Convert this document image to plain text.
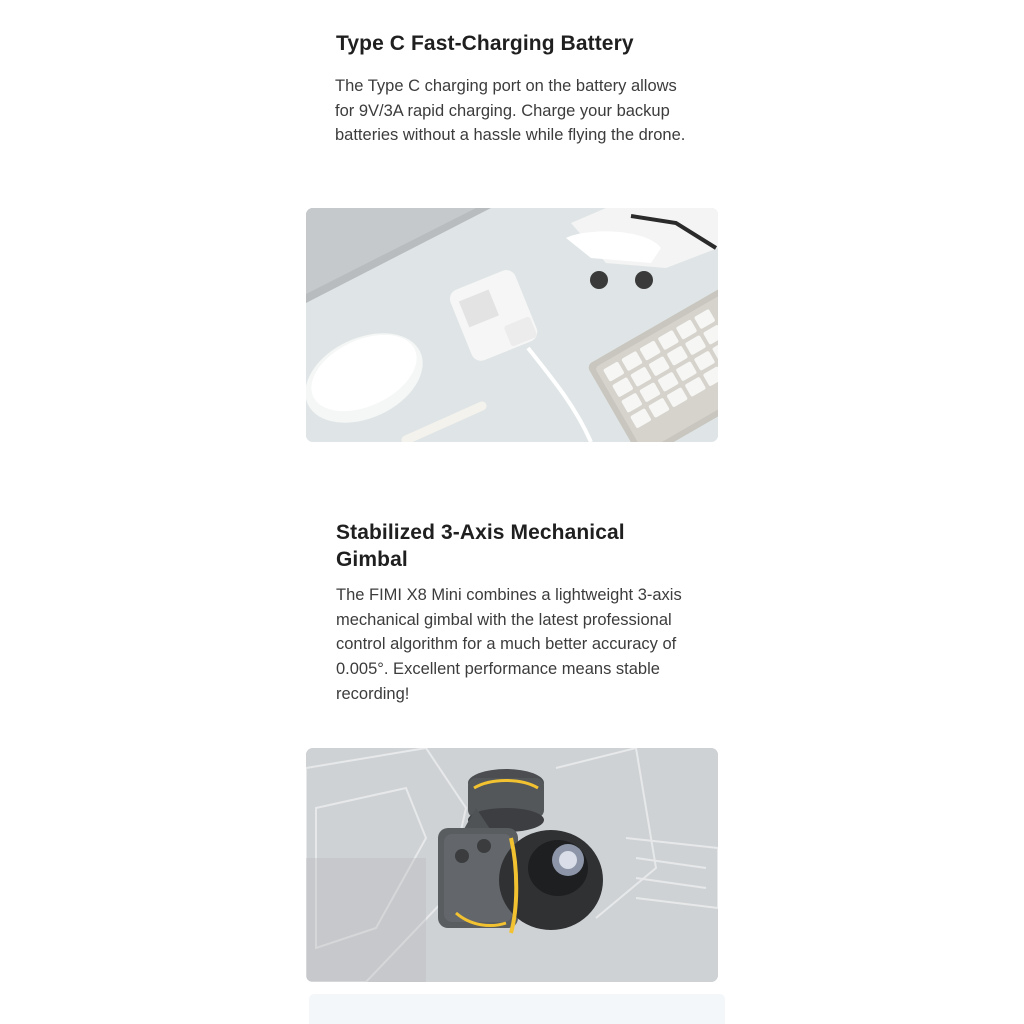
Type C Fast-Charging Battery

The Type C charging port on the battery allows for 9V/3A rapid charging. Charge your backup batteries without a hassle while flying the drone.

Stabilized 3-Axis Mechanical Gimbal

The FIMI X8 Mini combines a lightweight 3-axis mechanical gimbal with the latest professional control algorithm for a much better accuracy of 0.005°. Excellent performance means stable recording!
